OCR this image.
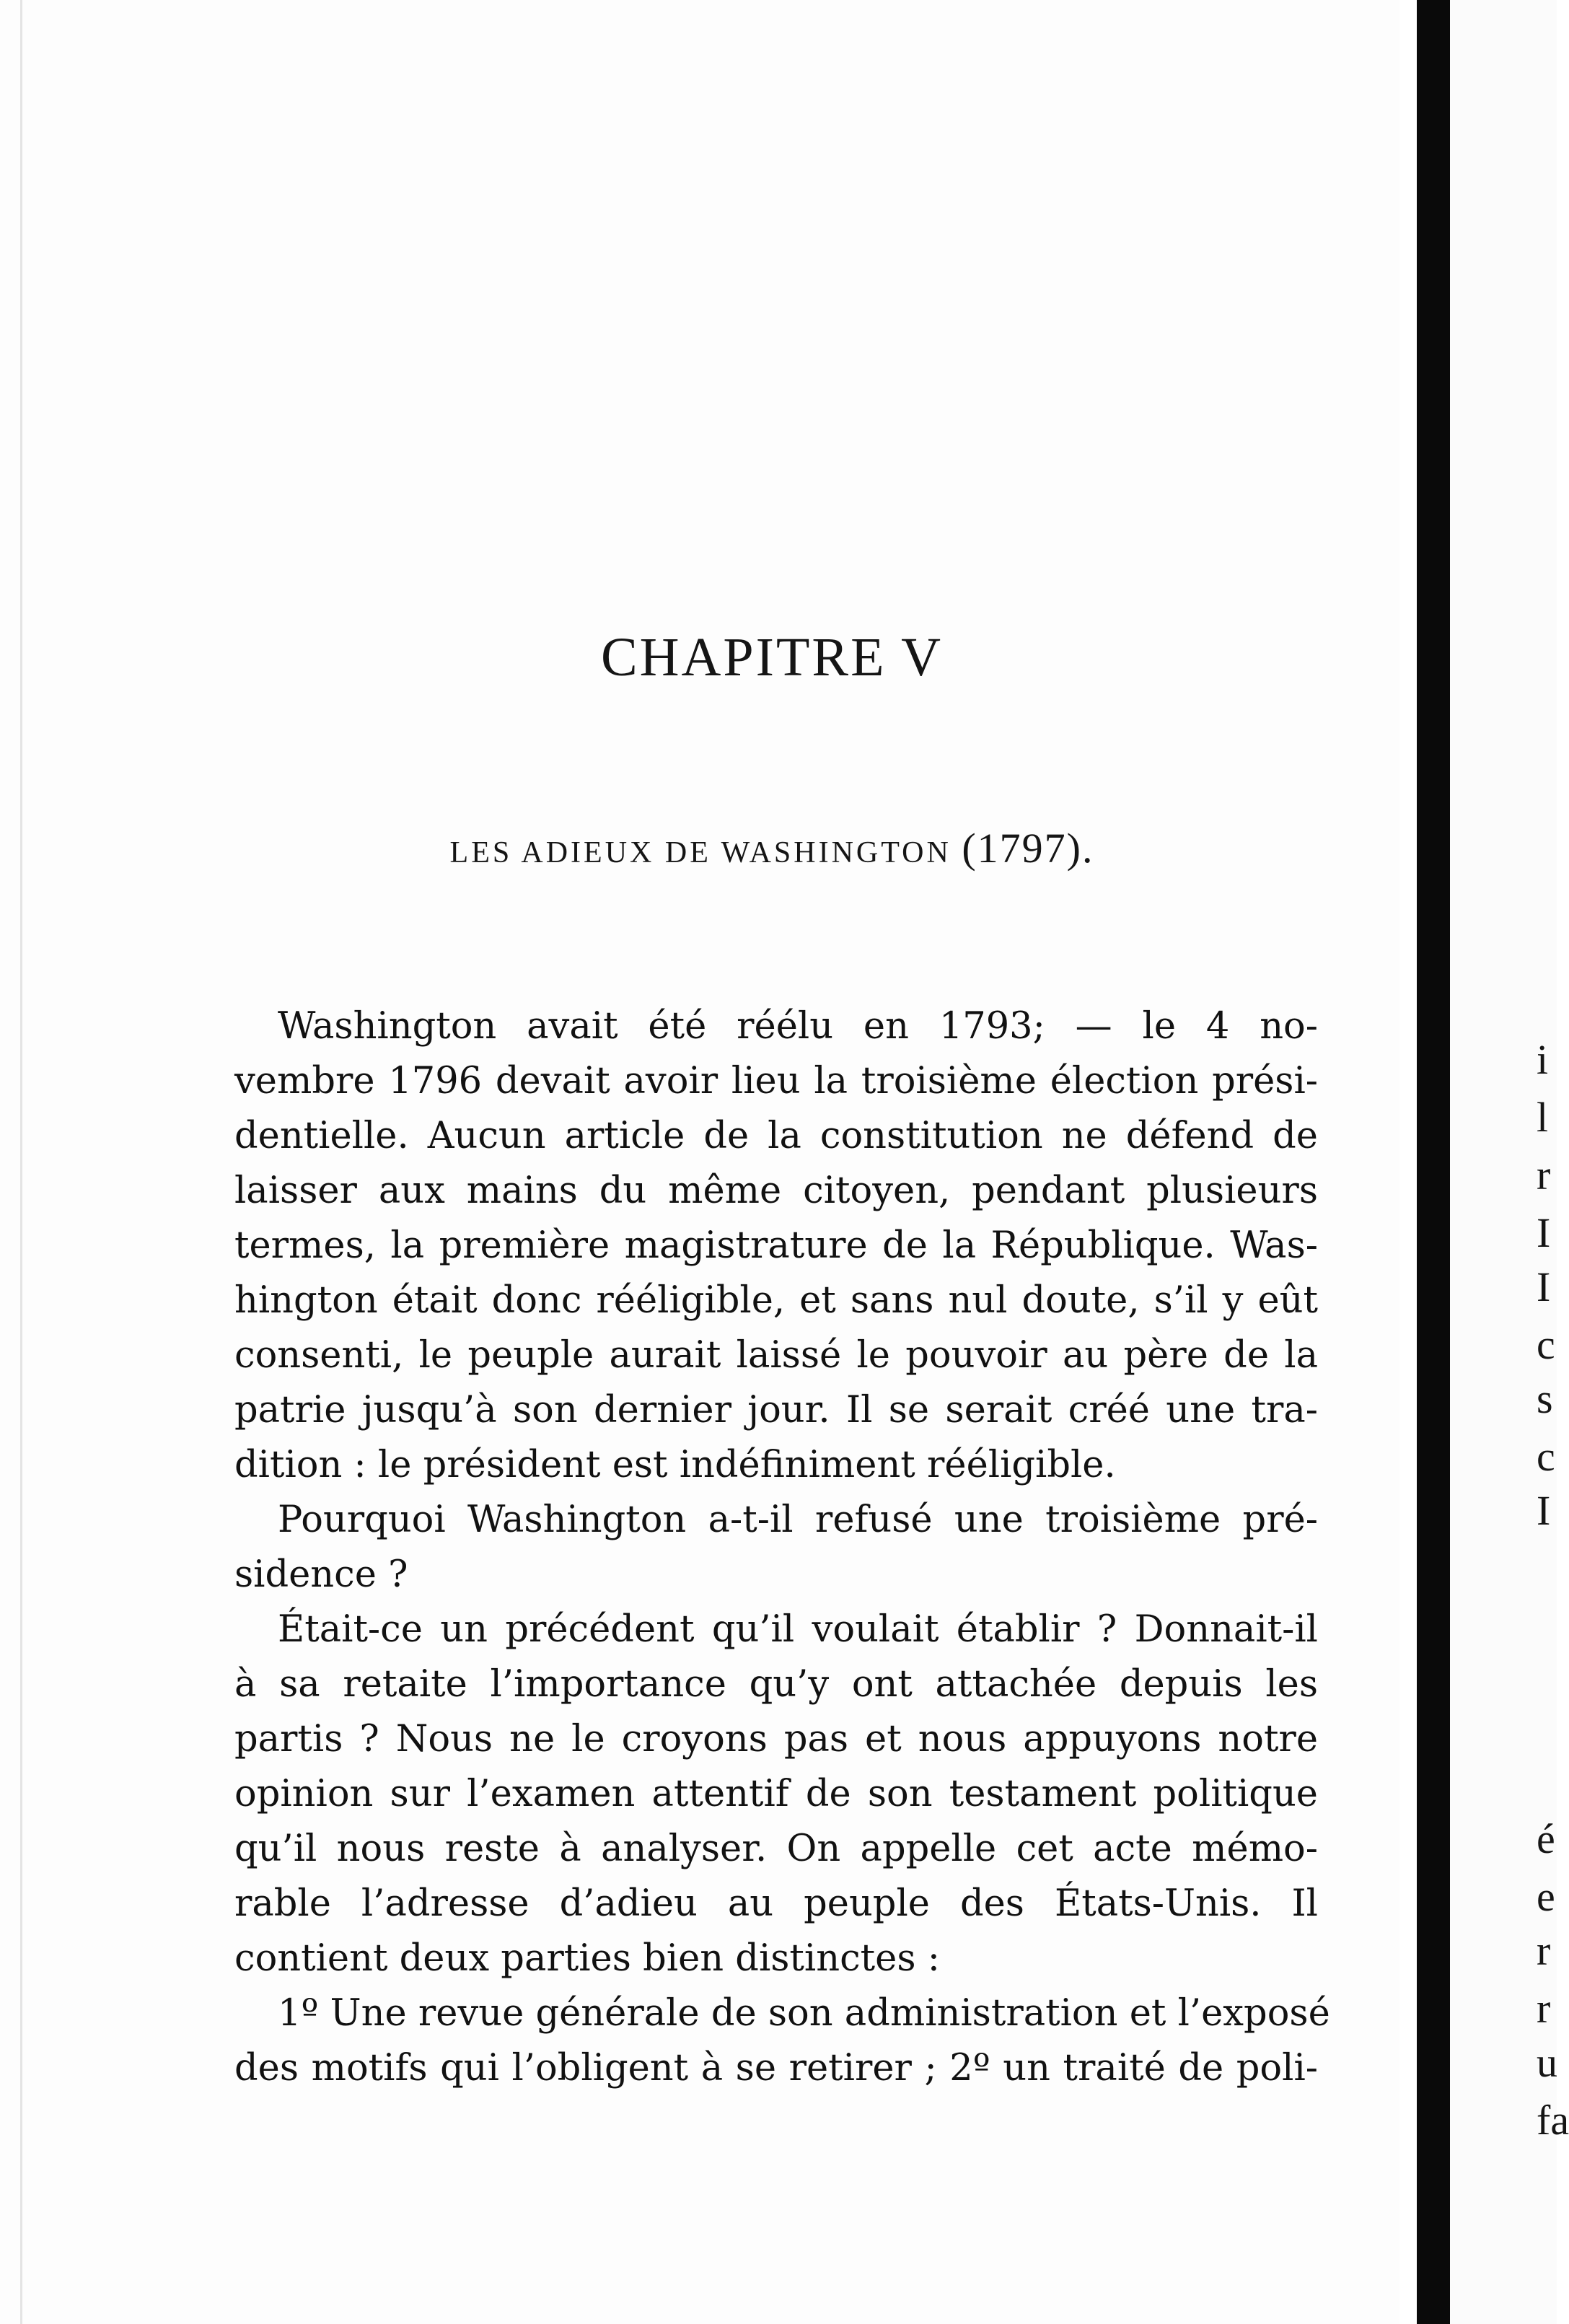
CHAPITRE V

LES ADIEUX DE WASHINGTON (1797).

Washington avait été réélu en 1793; — le 4 no-
vembre 1796 devait avoir lieu la troisième élection prési-
dentielle. Aucun article de la constitution ne défend de
laisser aux mains du même citoyen, pendant plusieurs
termes, la première magistrature de la République. Was-
hington était donc rééligible, et sans nul doute, s’il y eût
consenti, le peuple aurait laissé le pouvoir au père de la
patrie jusqu’à son dernier jour. Il se serait créé une tra-
dition : le président est indéfiniment rééligible.
Pourquoi Washington a-t-il refusé une troisième pré-
sidence ?
Était-ce un précédent qu’il voulait établir ? Donnait-il
à sa retaite l’importance qu’y ont attachée depuis les
partis ? Nous ne le croyons pas et nous appuyons notre
opinion sur l’examen attentif de son testament politique
qu’il nous reste à analyser. On appelle cet acte mémo-
rable l’adresse d’adieu au peuple des États-Unis. Il
contient deux parties bien distinctes :
1º Une revue générale de son administration et l’exposé
des motifs qui l’obligent à se retirer ; 2º un traité de poli-
i
l
r
I
I
c
s
c
I
é
e
r
r
u
fa
